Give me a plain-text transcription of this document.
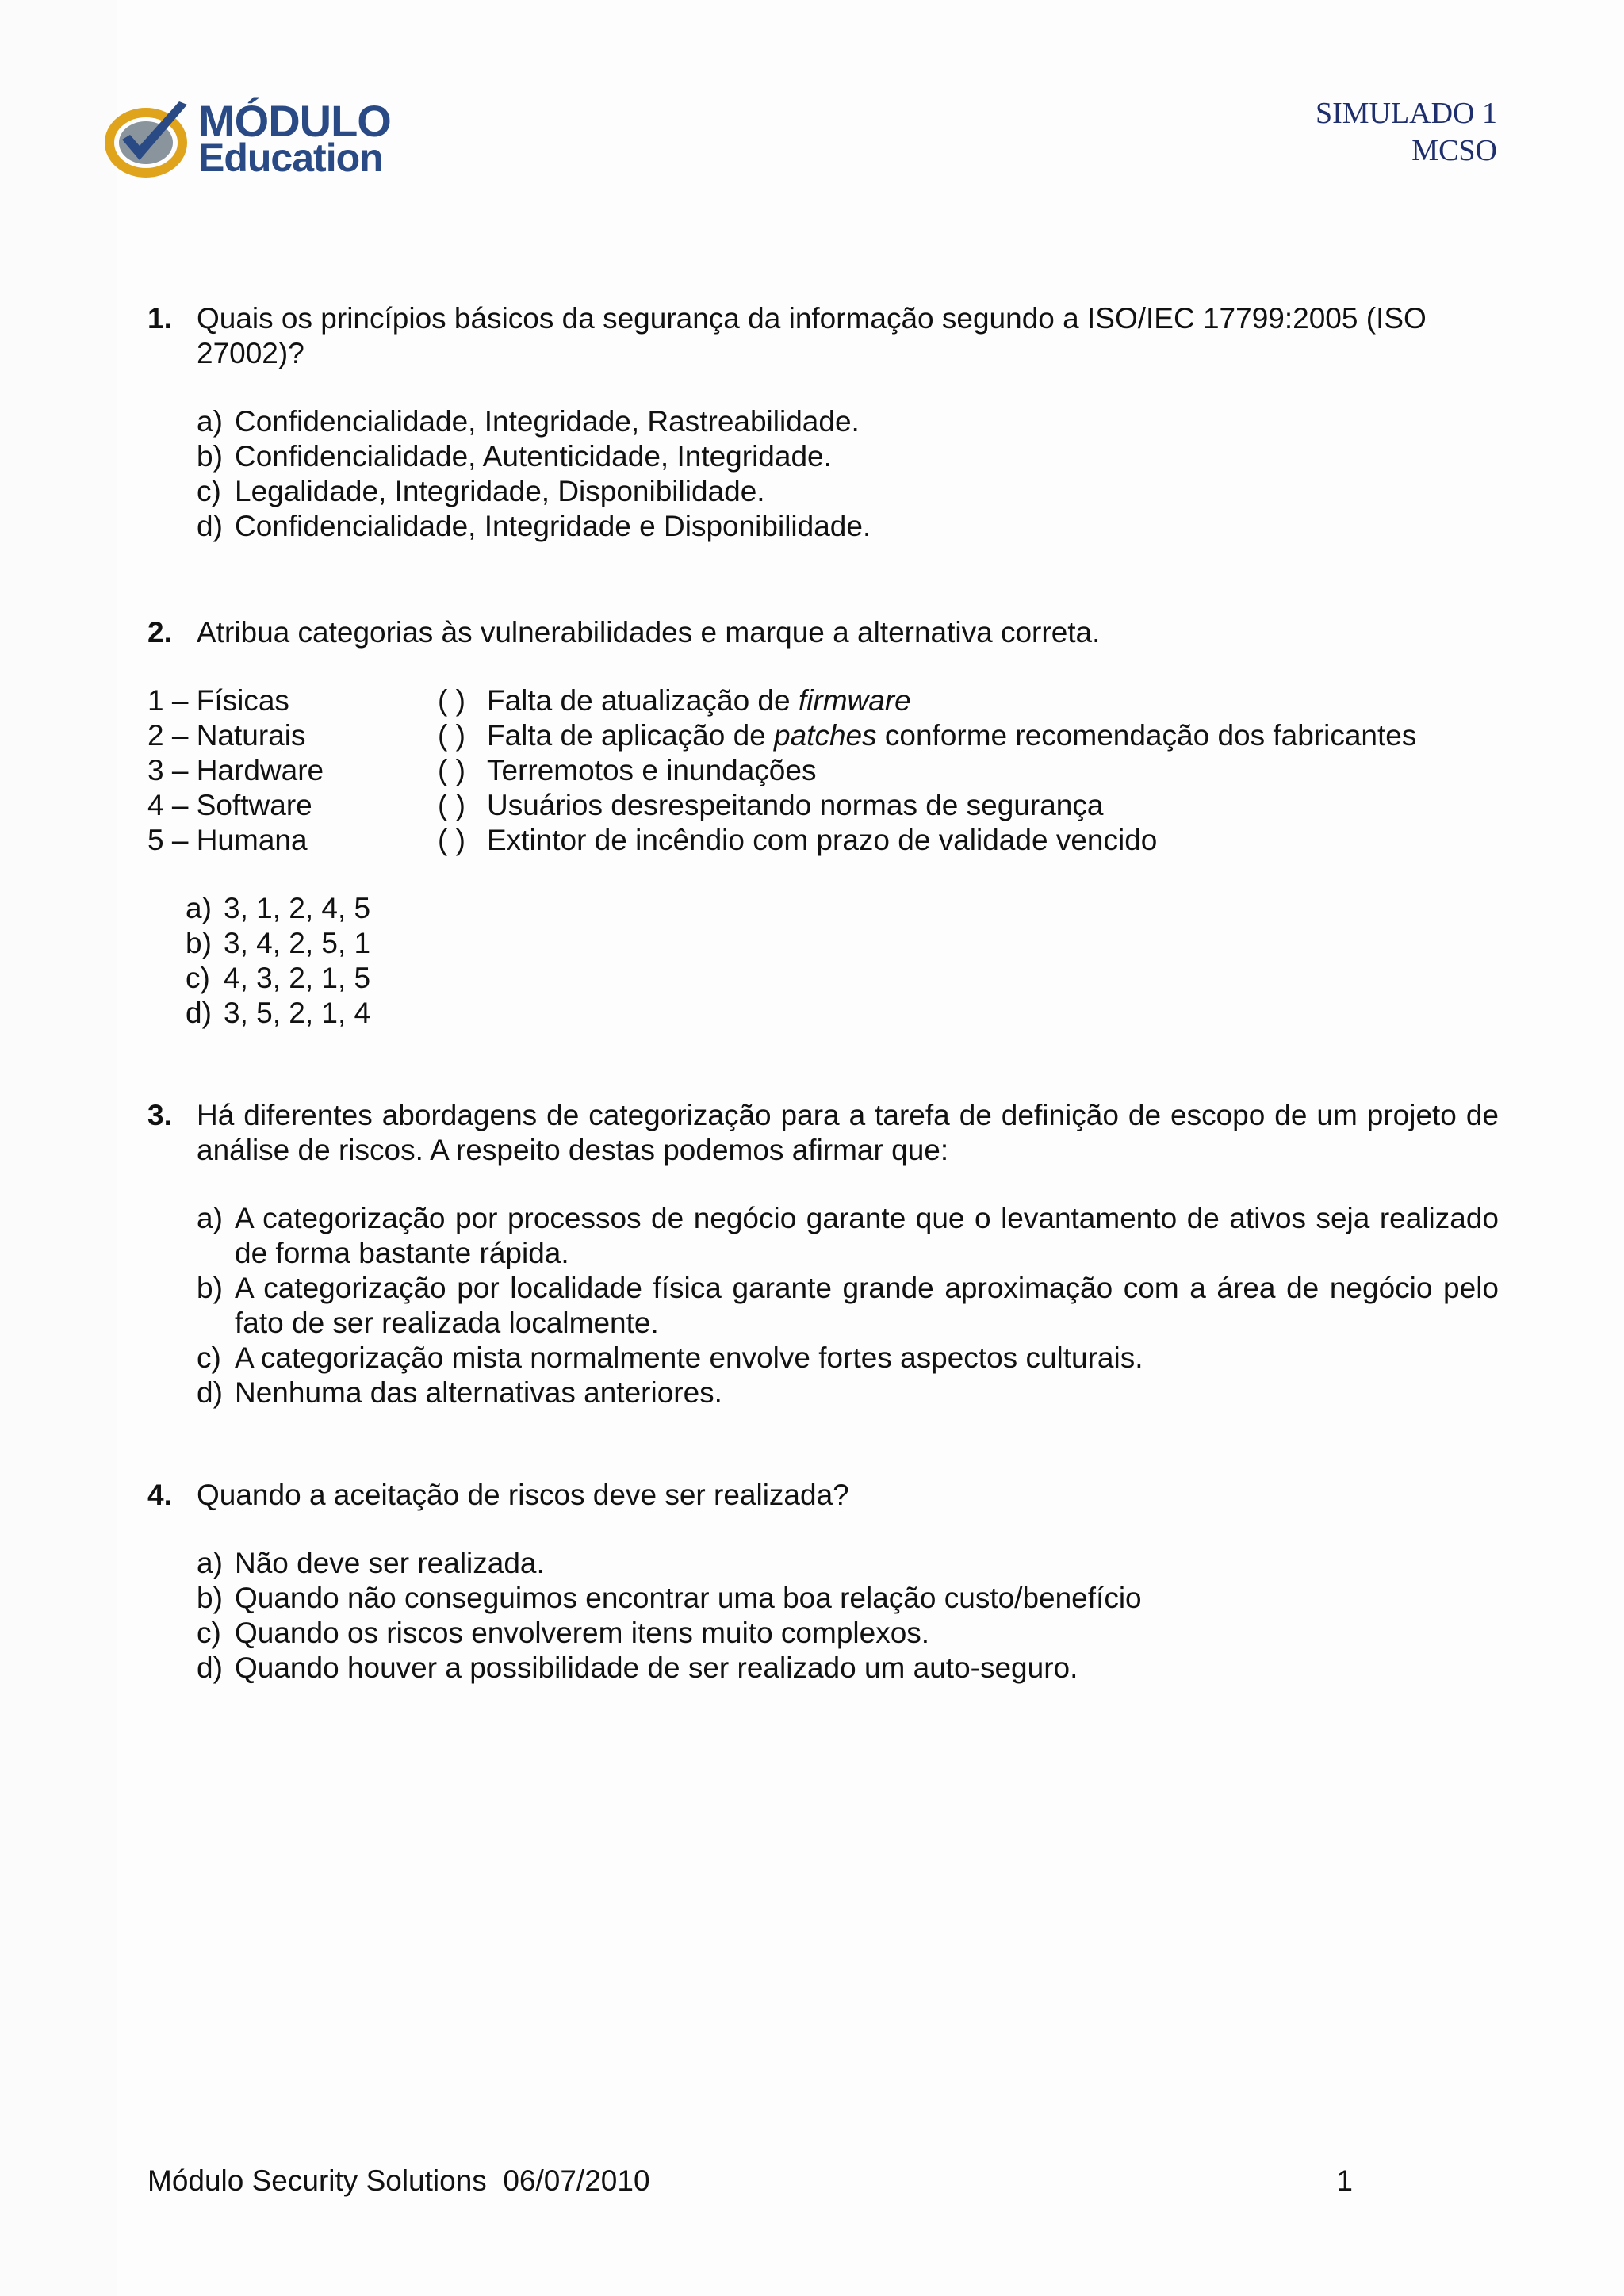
MÓDULO
Education
SIMULADO 1
MCSO
1. Quais os princípios básicos da segurança da informação segundo a ISO/IEC 17799:2005 (ISO 27002)?
a) Confidencialidade, Integridade, Rastreabilidade.
b) Confidencialidade, Autenticidade, Integridade.
c) Legalidade, Integridade, Disponibilidade.
d) Confidencialidade, Integridade e Disponibilidade.
2. Atribua categorias às vulnerabilidades e marque a alternativa correta.
1 – Físicas	( ) Falta de atualização de firmware
2 – Naturais	( ) Falta de aplicação de patches conforme recomendação dos fabricantes
3 – Hardware	( ) Terremotos e inundações
4 – Software	( ) Usuários desrespeitando normas de segurança
5 – Humana	( ) Extintor de incêndio com prazo de validade vencido
a) 3, 1, 2, 4, 5
b) 3, 4, 2, 5, 1
c) 4, 3, 2, 1, 5
d) 3, 5, 2, 1, 4
3. Há diferentes abordagens de categorização para a tarefa de definição de escopo de um projeto de análise de riscos. A respeito destas podemos afirmar que:
a) A categorização por processos de negócio garante que o levantamento de ativos seja realizado de forma bastante rápida.
b) A categorização por localidade física garante grande aproximação com a área de negócio pelo fato de ser realizada localmente.
c) A categorização mista normalmente envolve fortes aspectos culturais.
d) Nenhuma das alternativas anteriores.
4. Quando a aceitação de riscos deve ser realizada?
a) Não deve ser realizada.
b) Quando não conseguimos encontrar uma boa relação custo/benefício
c) Quando os riscos envolverem itens muito complexos.
d) Quando houver a possibilidade de ser realizado um auto-seguro.
Módulo Security Solutions  06/07/2010	1
